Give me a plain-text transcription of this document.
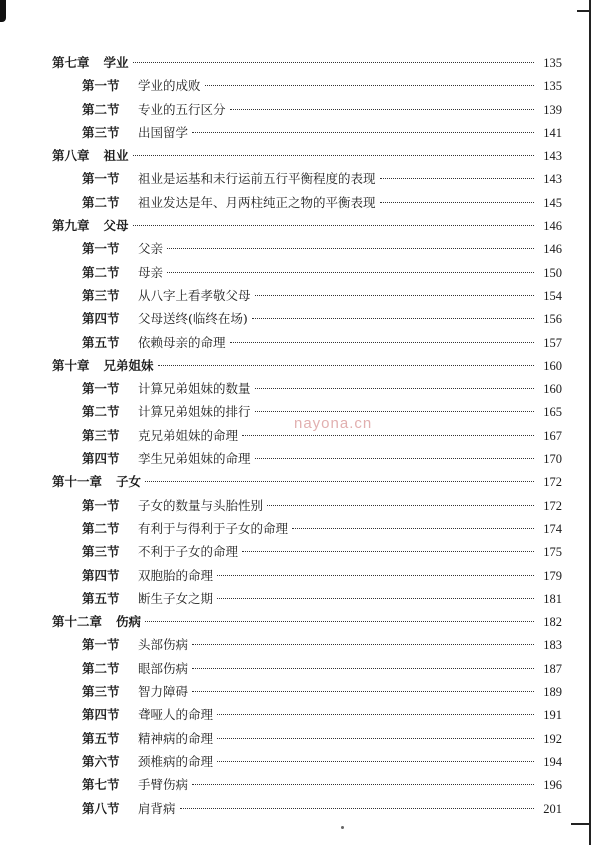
第七章 学业	135
第一节	学业的成败	135
第二节	专业的五行区分	139
第三节	出国留学	141
第八章 祖业	143
第一节	祖业是运基和未行运前五行平衡程度的表现	143
第二节	祖业发达是年、月两柱纯正之物的平衡表现	145
第九章 父母	146
第一节	父亲	146
第二节	母亲	150
第三节	从八字上看孝敬父母	154
第四节	父母送终(临终在场)	156
第五节	依赖母亲的命理	157
第十章 兄弟姐妹	160
第一节	计算兄弟姐妹的数量	160
第二节	计算兄弟姐妹的排行	165
第三节	克兄弟姐妹的命理	167
第四节	孪生兄弟姐妹的命理	170
第十一章 子女	172
第一节	子女的数量与头胎性别	172
第二节	有利于与得利于子女的命理	174
第三节	不利于子女的命理	175
第四节	双胞胎的命理	179
第五节	断生子女之期	181
第十二章 伤病	182
第一节	头部伤病	183
第二节	眼部伤病	187
第三节	智力障碍	189
第四节	聋哑人的命理	191
第五节	精神病的命理	192
第六节	颈椎病的命理	194
第七节	手臂伤病	196
第八节	肩背病	201
nayona.cn
